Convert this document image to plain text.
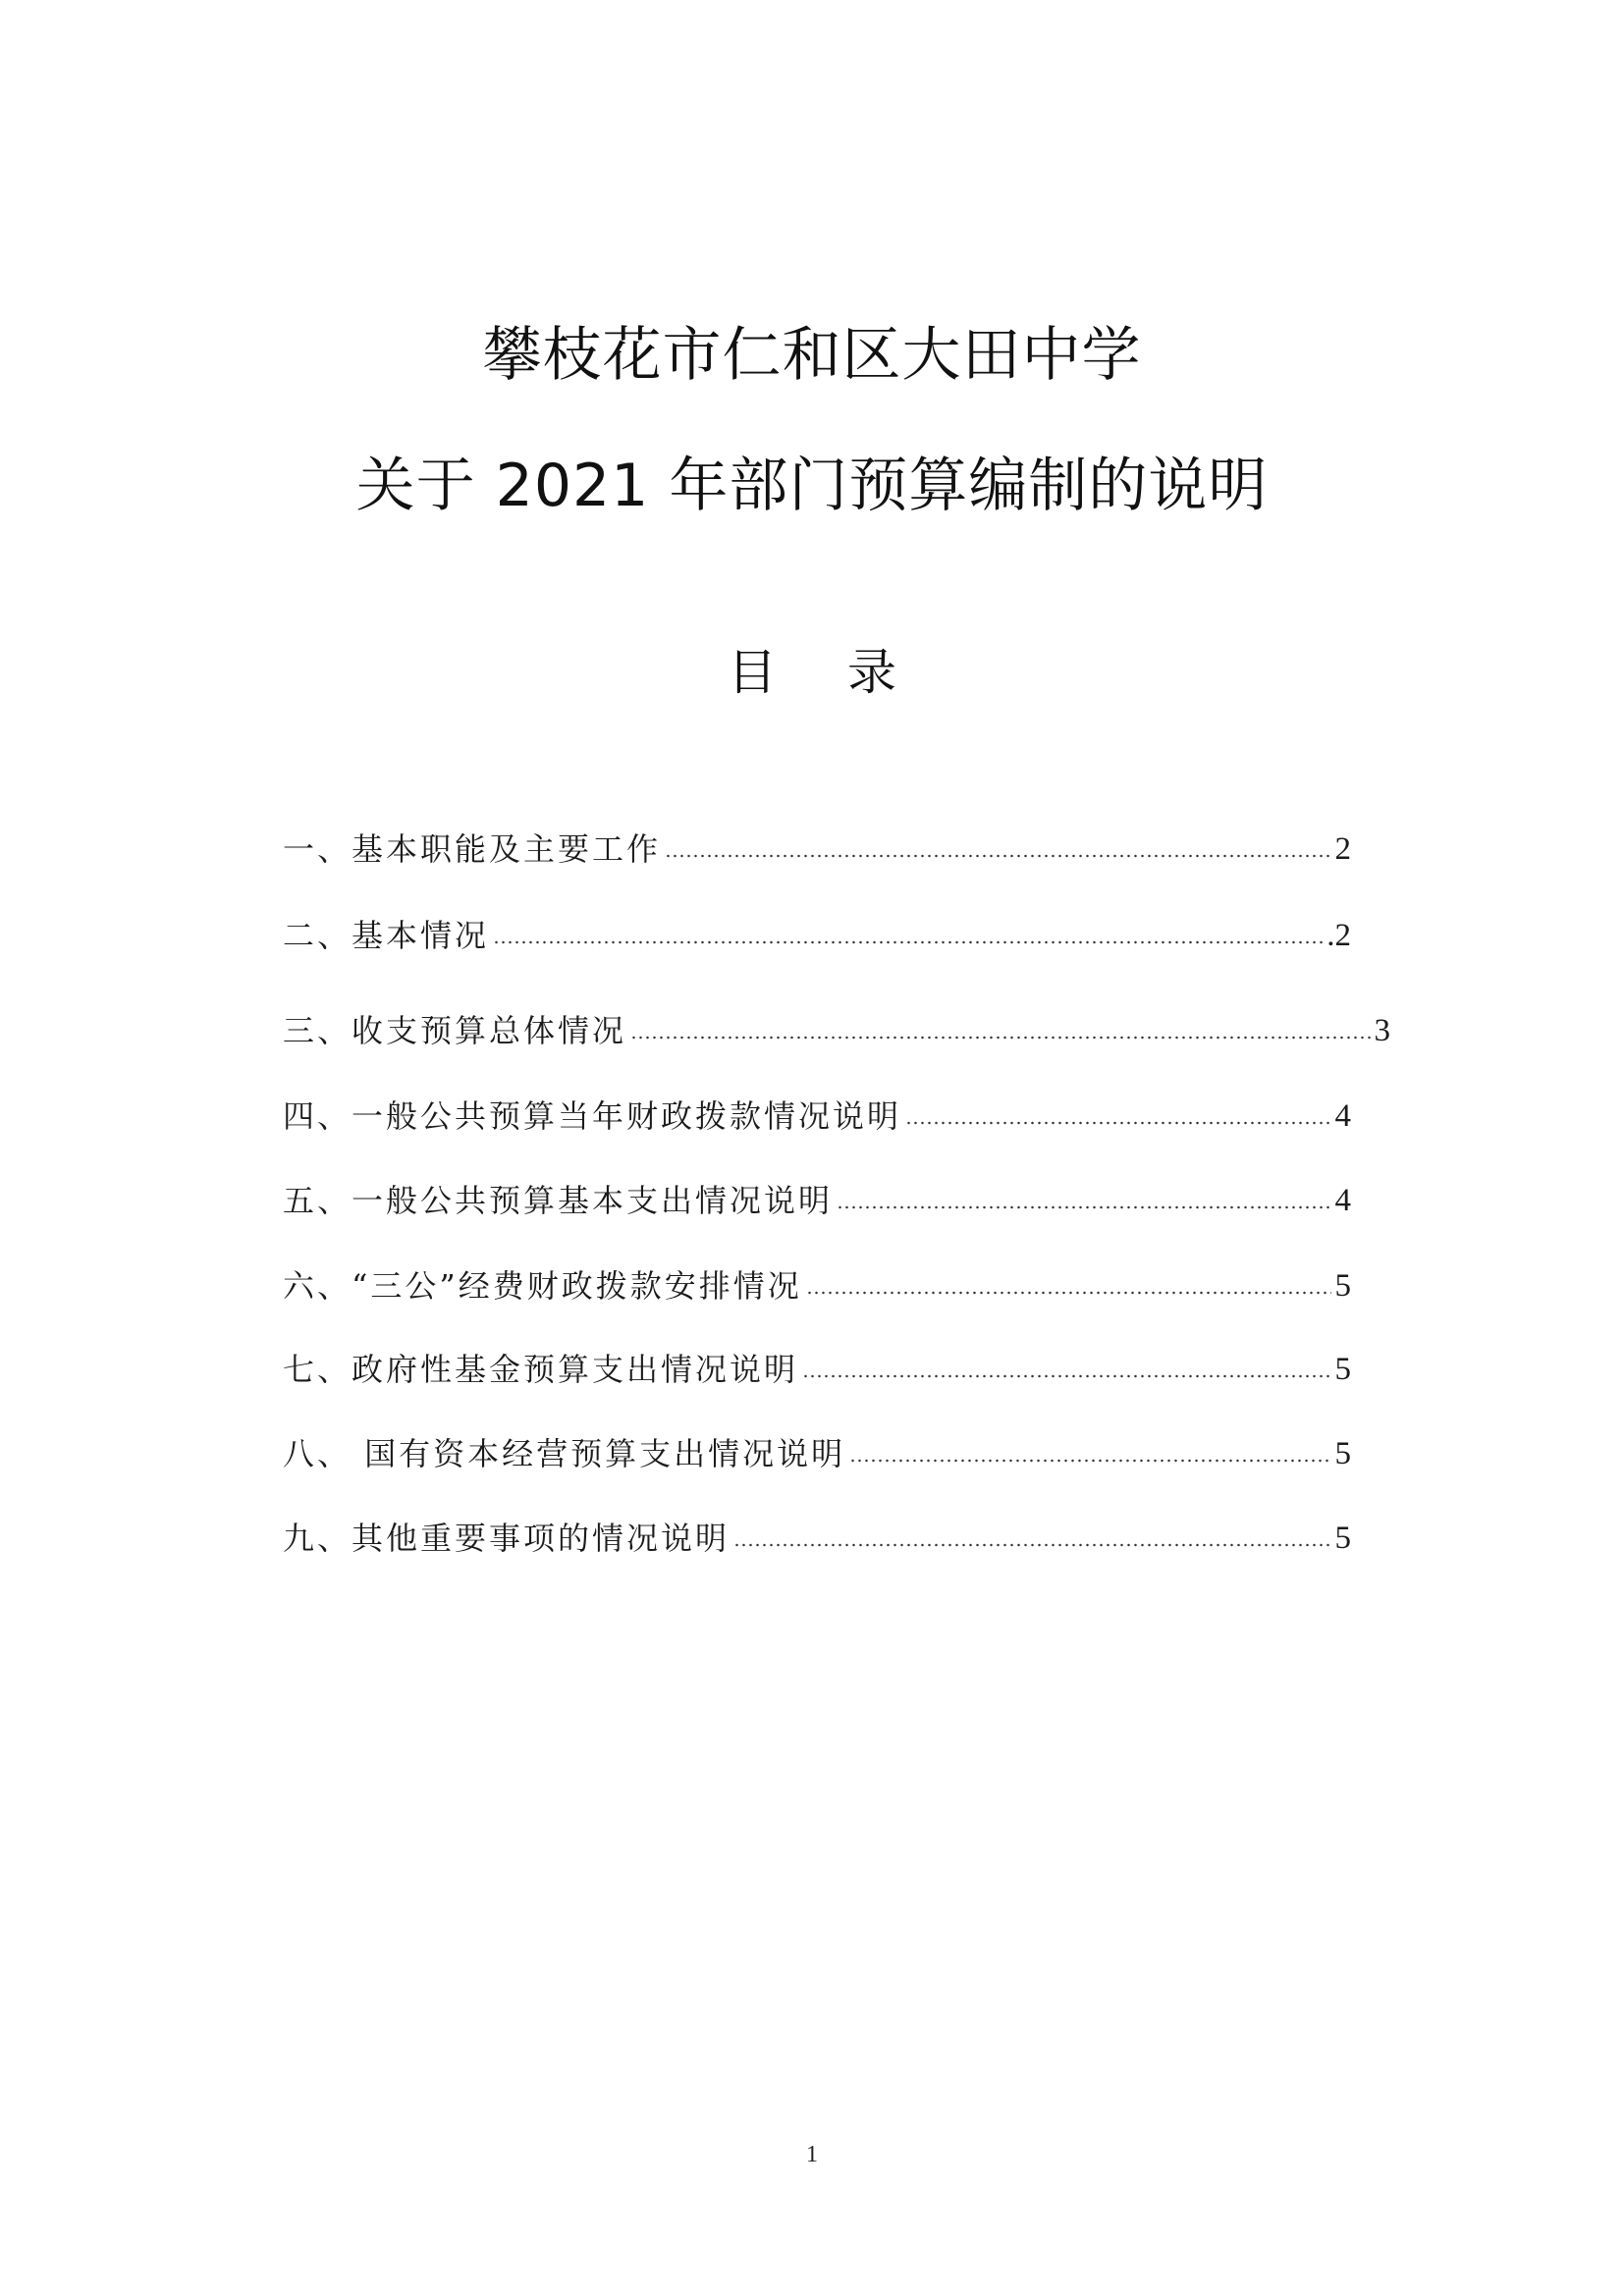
攀枝花市仁和区大田中学
关于 2021 年部门预算编制的说明
目录
一、基本职能及主要工作	2
二、基本情况	.2
三、收支预算总体情况	3
四、一般公共预算当年财政拨款情况说明	4
五、一般公共预算基本支出情况说明	4
六、“三公”经费财政拨款安排情况	5
七、政府性基金预算支出情况说明	5
八、 国有资本经营预算支出情况说明	5
九、其他重要事项的情况说明	5
1
